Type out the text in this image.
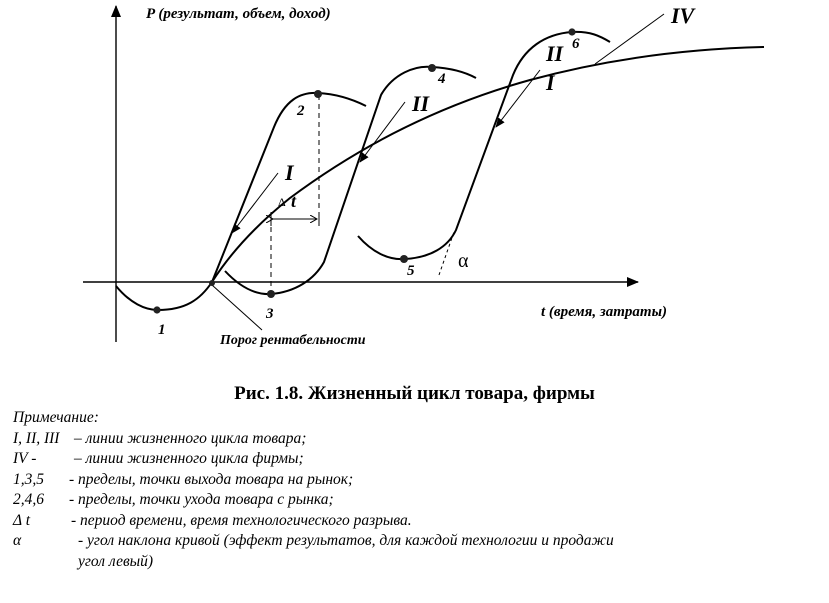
P (результат, объем, доход)
t (время, затраты)
Δ t
IV
I
II
II
I
α
1
2
3
4
5
6
Порог рентабельности
Рис. 1.8. Жизненный цикл товара, фирмы
Примечание:
I, II, III – линии жизненного цикла товара;
IV - – линии жизненного цикла фирмы;
1,3,5 - пределы, точки выхода товара на рынок;
2,4,6 - пределы, точки ухода товара с рынка;
Δ t	- период времени, время технологического разрыва.
α	- угол наклона кривой (эффект результатов, для каждой технологии и продажи
угол левый)
